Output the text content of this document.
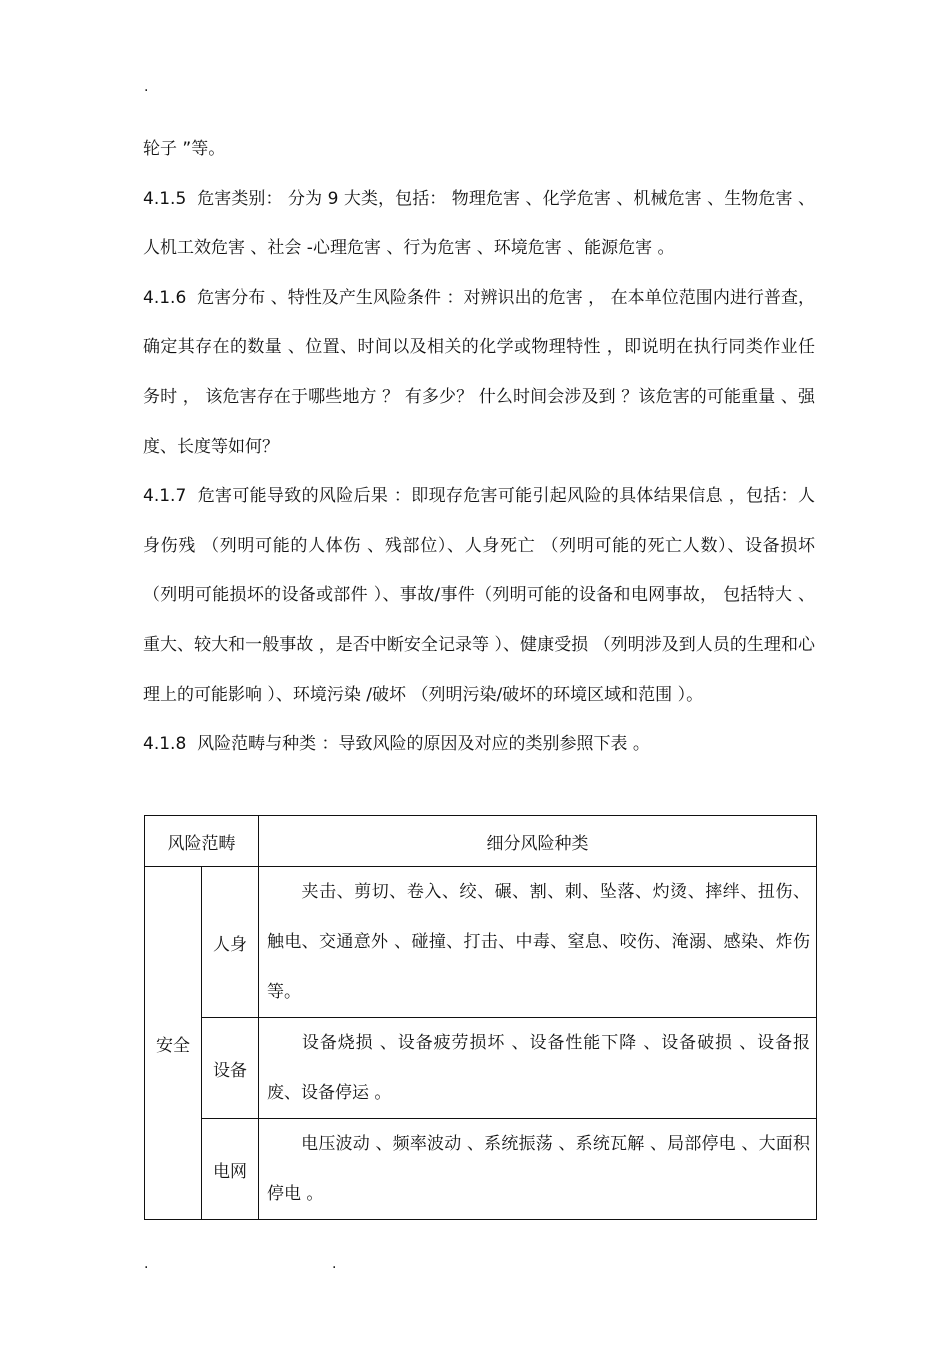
.

轮子 ”等。

4.1.5  危害类别： 分为 9 大类，包括： 物理危害 、化学危害 、机械危害 、生物危害 、人机工效危害 、社会 -心理危害 、行为危害 、环境危害 、能源危害 。

4.1.6  危害分布 、特性及产生风险条件 ：对辨识出的危害 ， 在本单位范围内进行普查，确定其存在的数量 、位置、时间以及相关的化学或物理特性 ，即说明在执行同类作业任务时 ， 该危害存在于哪些地方 ？ 有多少？ 什么时间会涉及到 ？该危害的可能重量 、强度、长度等如何？

4.1.7  危害可能导致的风险后果 ：即现存危害可能引起风险的具体结果信息 ，包括：人身伤残 （列明可能的人体伤 、残部位）、人身死亡 （列明可能的死亡人数）、设备损坏 （列明可能损坏的设备或部件 ）、事故/事件（列明可能的设备和电网事故， 包括特大 、重大、较大和一般事故 ，是否中断安全记录等 ）、健康受损 （列明涉及到人员的生理和心理上的可能影响 ）、环境污染 /破坏 （列明污染/破坏的环境区域和范围 ）。

4.1.8  风险范畴与种类 ：导致风险的原因及对应的类别参照下表 。

风险范畴		细分风险种类
安全	人身	夹击、剪切、卷入、绞、碾、割、刺、坠落、灼烫、摔绊、扭伤、触电、交通意外 、碰撞、打击、中毒、窒息、咬伤、淹溺、感染、炸伤等。
	设备	设备烧损 、设备疲劳损坏 、设备性能下降 、设备破损 、设备报废、设备停运 。
	电网	电压波动 、频率波动 、系统振荡 、系统瓦解 、局部停电 、大面积停电 。
.	.
